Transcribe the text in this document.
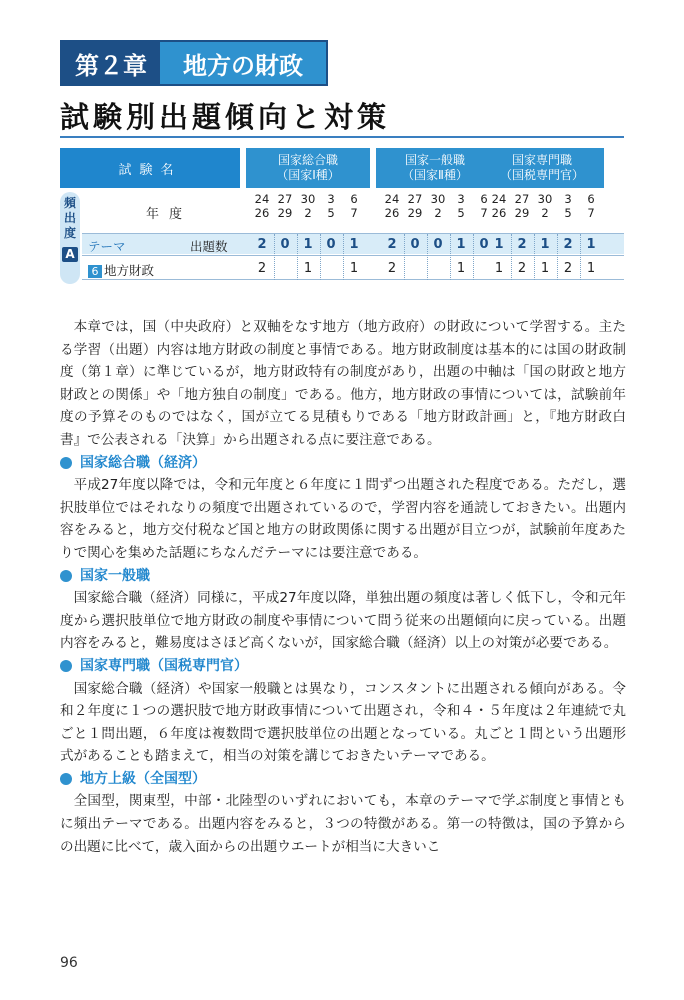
第２章	地方の財政
試験別出題傾向と対策
試験名
国家総合職
（国家Ⅰ種）
国家一般職
（国家Ⅱ種）
国家専門職
（国税専門官）
年度
頻
出
度
A テーマ	出題数
6 地方財政
24
26
2
2
27
29
0
30
2
1
1
3
5
0
6
7
1
1
24
26
2
2
27
29
0
30
2
0
3
5
1
1
6
7
0
24
26
1
1
27
29
2
2
30
2
1
1
3
5
2
2
6
7
1
1

本章では，国（中央政府）と双軸をなす地方（地方政府）の財政について学習する。主たる学習（出題）内容は地方財政の制度と事情である。地方財政制度は基本的には国の財政制度（第１章）に準じているが，地方財政特有の制度があり，出題の中軸は「国の財政と地方財政との関係」や「地方独自の制度」である。他方，地方財政の事情については，試験前年度の予算そのものではなく，国が立てる見積もりである「地方財政計画」と，『地方財政白書』で公表される「決算」から出題される点に要注意である。

国家総合職（経済）

平成27年度以降では，令和元年度と６年度に１問ずつ出題された程度である。ただし，選択肢単位ではそれなりの頻度で出題されているので，学習内容を通読しておきたい。出題内容をみると，地方交付税など国と地方の財政関係に関する出題が目立つが，試験前年度あたりで関心を集めた話題にちなんだテーマには要注意である。

国家一般職

国家総合職（経済）同様に，平成27年度以降，単独出題の頻度は著しく低下し，令和元年度から選択肢単位で地方財政の制度や事情について問う従来の出題傾向に戻っている。出題内容をみると，難易度はさほど高くないが，国家総合職（経済）以上の対策が必要である。

国家専門職（国税専門官）

国家総合職（経済）や国家一般職とは異なり，コンスタントに出題される傾向がある。令和２年度に１つの選択肢で地方財政事情について出題され，令和４・５年度は２年連続で丸ごと１問出題，６年度は複数問で選択肢単位の出題となっている。丸ごと１問という出題形式があることも踏まえて，相当の対策を講じておきたいテーマである。

地方上級（全国型）

全国型，関東型，中部・北陸型のいずれにおいても，本章のテーマで学ぶ制度と事情ともに頻出テーマである。出題内容をみると，３つの特徴がある。第一の特徴は，国の予算からの出題に比べて，歳入面からの出題ウエートが相当に大きいこ

96
